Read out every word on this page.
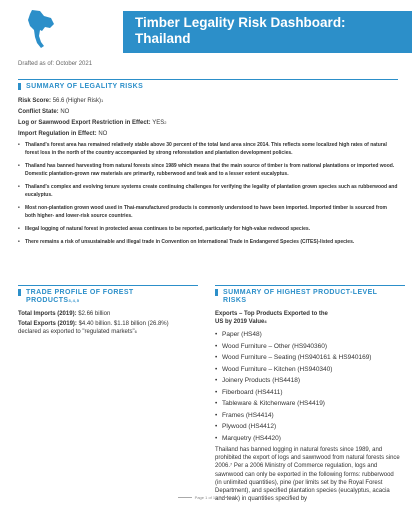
Timber Legality Risk Dashboard:
Thailand
Drafted as of: October 2021
SUMMARY OF LEGALITY RISKS
Risk Score: 56.6 (Higher Risk)$^1$
Conflict State: NO
Log or Sawnwood Export Restriction in Effect: YES$^2$
Import Regulation in Effect: NO
• Thailand's forest area has remained relatively stable above 30 percent of the total land area since 2014. This reflects some localized high rates of natural forest loss in the north of the country accompanied by strong reforestation and plantation development policies.
• Thailand has banned harvesting from natural forests since 1989 which means that the main source of timber is from national plantations or imported wood. Domestic plantation-grown raw materials are primarily, rubberwood and teak and to a lesser extent eucalyptus.
• Thailand's complex and evolving tenure systems create continuing challenges for verifying the legality of plantation grown species such as rubberwood and eucalyptus.
• Most non-plantation grown wood used in Thai-manufactured products is commonly understood to have been imported. Imported timber is sourced from both higher- and lower-risk source countries.
• Illegal logging of natural forest in protected areas continues to be reported, particularly for high-value redwood species.
• There remains a risk of unsustainable and illegal trade in Convention on International Trade in Endangered Species (CITES)-listed species.
TRADE PROFILE OF FOREST
PRODUCTS$^{3,4,5}$
Total Imports (2019): $2.66 billion
Total Exports (2019): $4.40 billion. $1.18 billion (26.8%)
declared as exported to "regulated markets"$^6$
SUMMARY OF HIGHEST PRODUCT-LEVEL
RISKS
Exports – Top Products Exported to the
US by 2019 Value$^4$
• Paper (HS48)
• Wood Furniture – Other (HS940360)
• Wood Furniture – Seating (HS940161 & HS940169)
• Wood Furniture – Kitchen (HS940340)
• Joinery Products (HS4418)
• Fiberboard (HS4411)
• Tableware & Kitchenware (HS4419)
• Frames (HS4414)
• Plywood (HS4412)
• Marquetry (HS4420)
Thailand has banned logging in natural forests since 1989, and prohibited the export of logs and sawnwood from natural forests since 2006.⁷ Per a 2006 Ministry of Commerce regulation, logs and sawnwood can only be exported in the following forms: rubberwood (in unlimited quantities), pine (per limits set by the Royal Forest Department), and specified plantation species (eucalyptus, acacia and teak) in quantities specified by
Page 1 of 15
